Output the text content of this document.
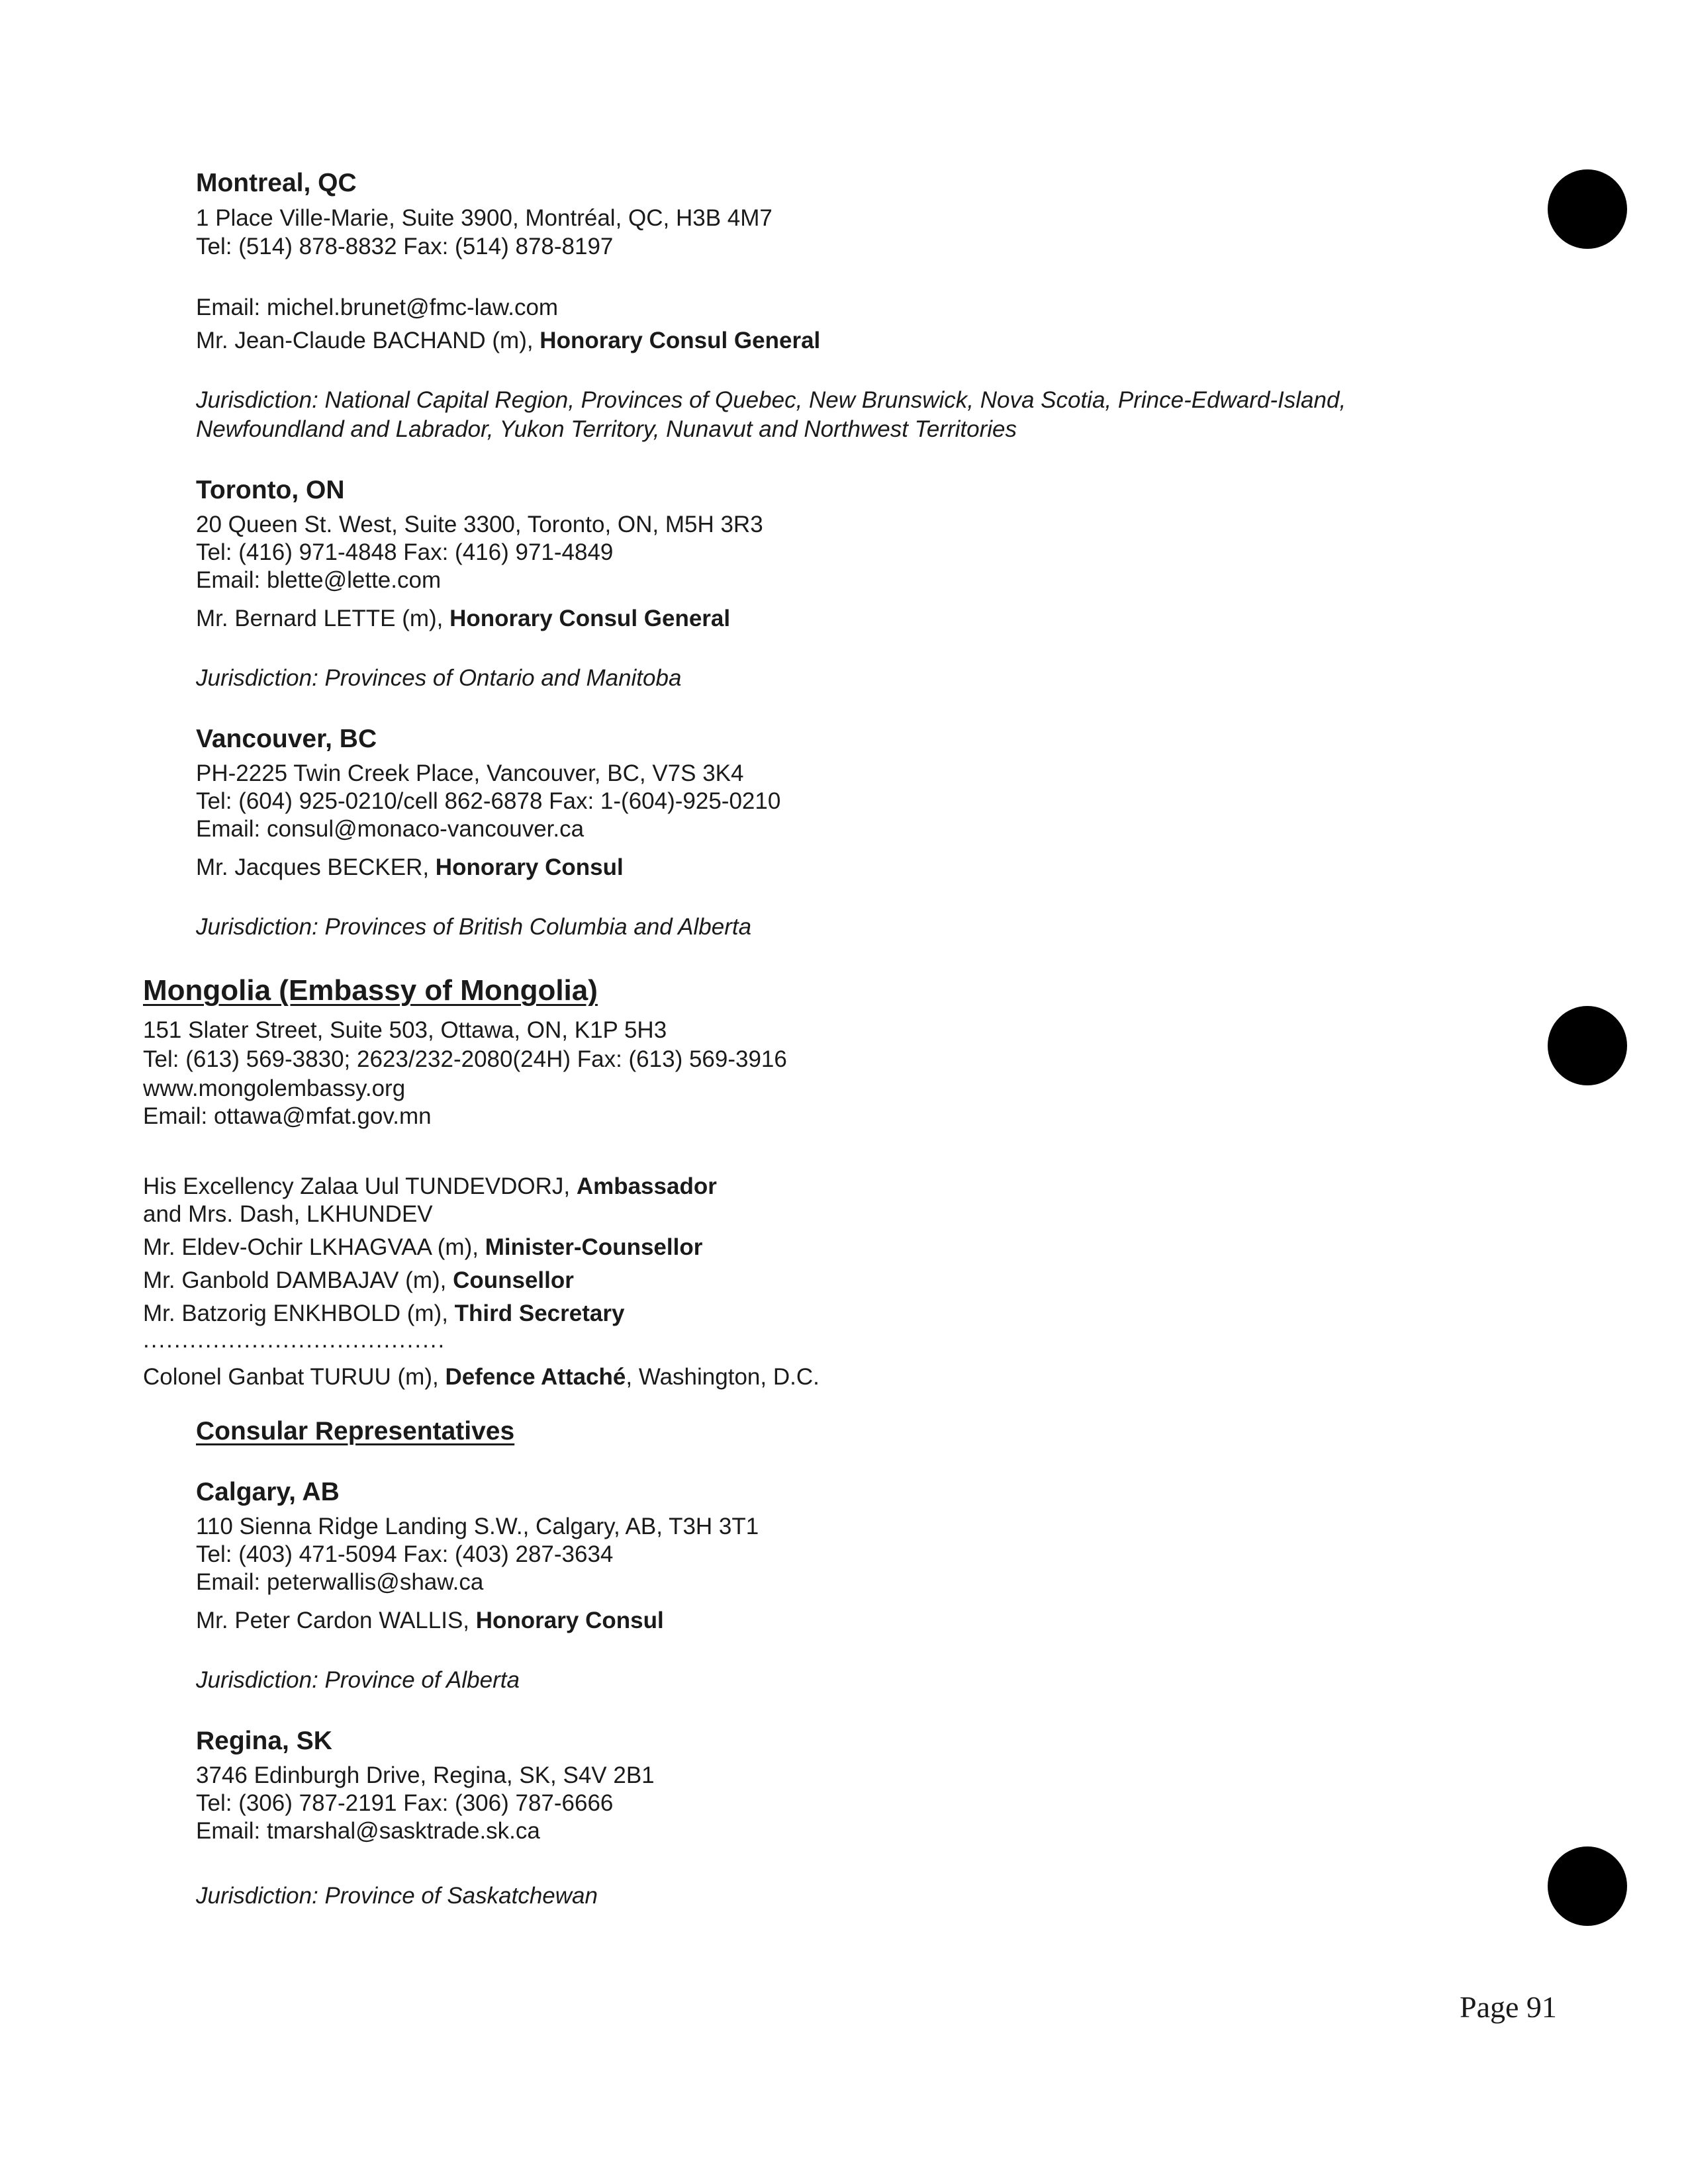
Montreal, QC
1 Place Ville-Marie, Suite 3900, Montréal, QC, H3B 4M7
Tel: (514) 878-8832 Fax: (514) 878-8197
Email: michel.brunet@fmc-law.com
Mr. Jean-Claude BACHAND (m), Honorary Consul General
Jurisdiction: National Capital Region, Provinces of Quebec, New Brunswick, Nova Scotia, Prince-Edward-Island,
Newfoundland and Labrador, Yukon Territory, Nunavut and Northwest Territories
Toronto, ON
20 Queen St. West, Suite 3300, Toronto, ON, M5H 3R3
Tel: (416) 971-4848 Fax: (416) 971-4849
Email: blette@lette.com
Mr. Bernard LETTE (m), Honorary Consul General
Jurisdiction: Provinces of Ontario and Manitoba
Vancouver, BC
PH-2225 Twin Creek Place, Vancouver, BC, V7S 3K4
Tel: (604) 925-0210/cell 862-6878 Fax: 1-(604)-925-0210
Email: consul@monaco-vancouver.ca
Mr. Jacques BECKER, Honorary Consul
Jurisdiction: Provinces of British Columbia and Alberta
Mongolia (Embassy of Mongolia)
151 Slater Street, Suite 503, Ottawa, ON, K1P 5H3
Tel: (613) 569-3830; 2623/232-2080(24H) Fax: (613) 569-3916
www.mongolembassy.org
Email: ottawa@mfat.gov.mn
His Excellency Zalaa Uul TUNDEVDORJ, Ambassador
and Mrs. Dash, LKHUNDEV
Mr. Eldev-Ochir LKHAGVAA (m), Minister-Counsellor
Mr. Ganbold DAMBAJAV (m), Counsellor
Mr. Batzorig ENKHBOLD (m), Third Secretary
.......................................
Colonel Ganbat TURUU (m), Defence Attaché, Washington, D.C.
Consular Representatives
Calgary, AB
110 Sienna Ridge Landing S.W., Calgary, AB, T3H 3T1
Tel: (403) 471-5094 Fax: (403) 287-3634
Email: peterwallis@shaw.ca
Mr. Peter Cardon WALLIS, Honorary Consul
Jurisdiction: Province of Alberta
Regina, SK
3746 Edinburgh Drive, Regina, SK, S4V 2B1
Tel: (306) 787-2191 Fax: (306) 787-6666
Email: tmarshal@sasktrade.sk.ca
Jurisdiction: Province of Saskatchewan
Page 91
